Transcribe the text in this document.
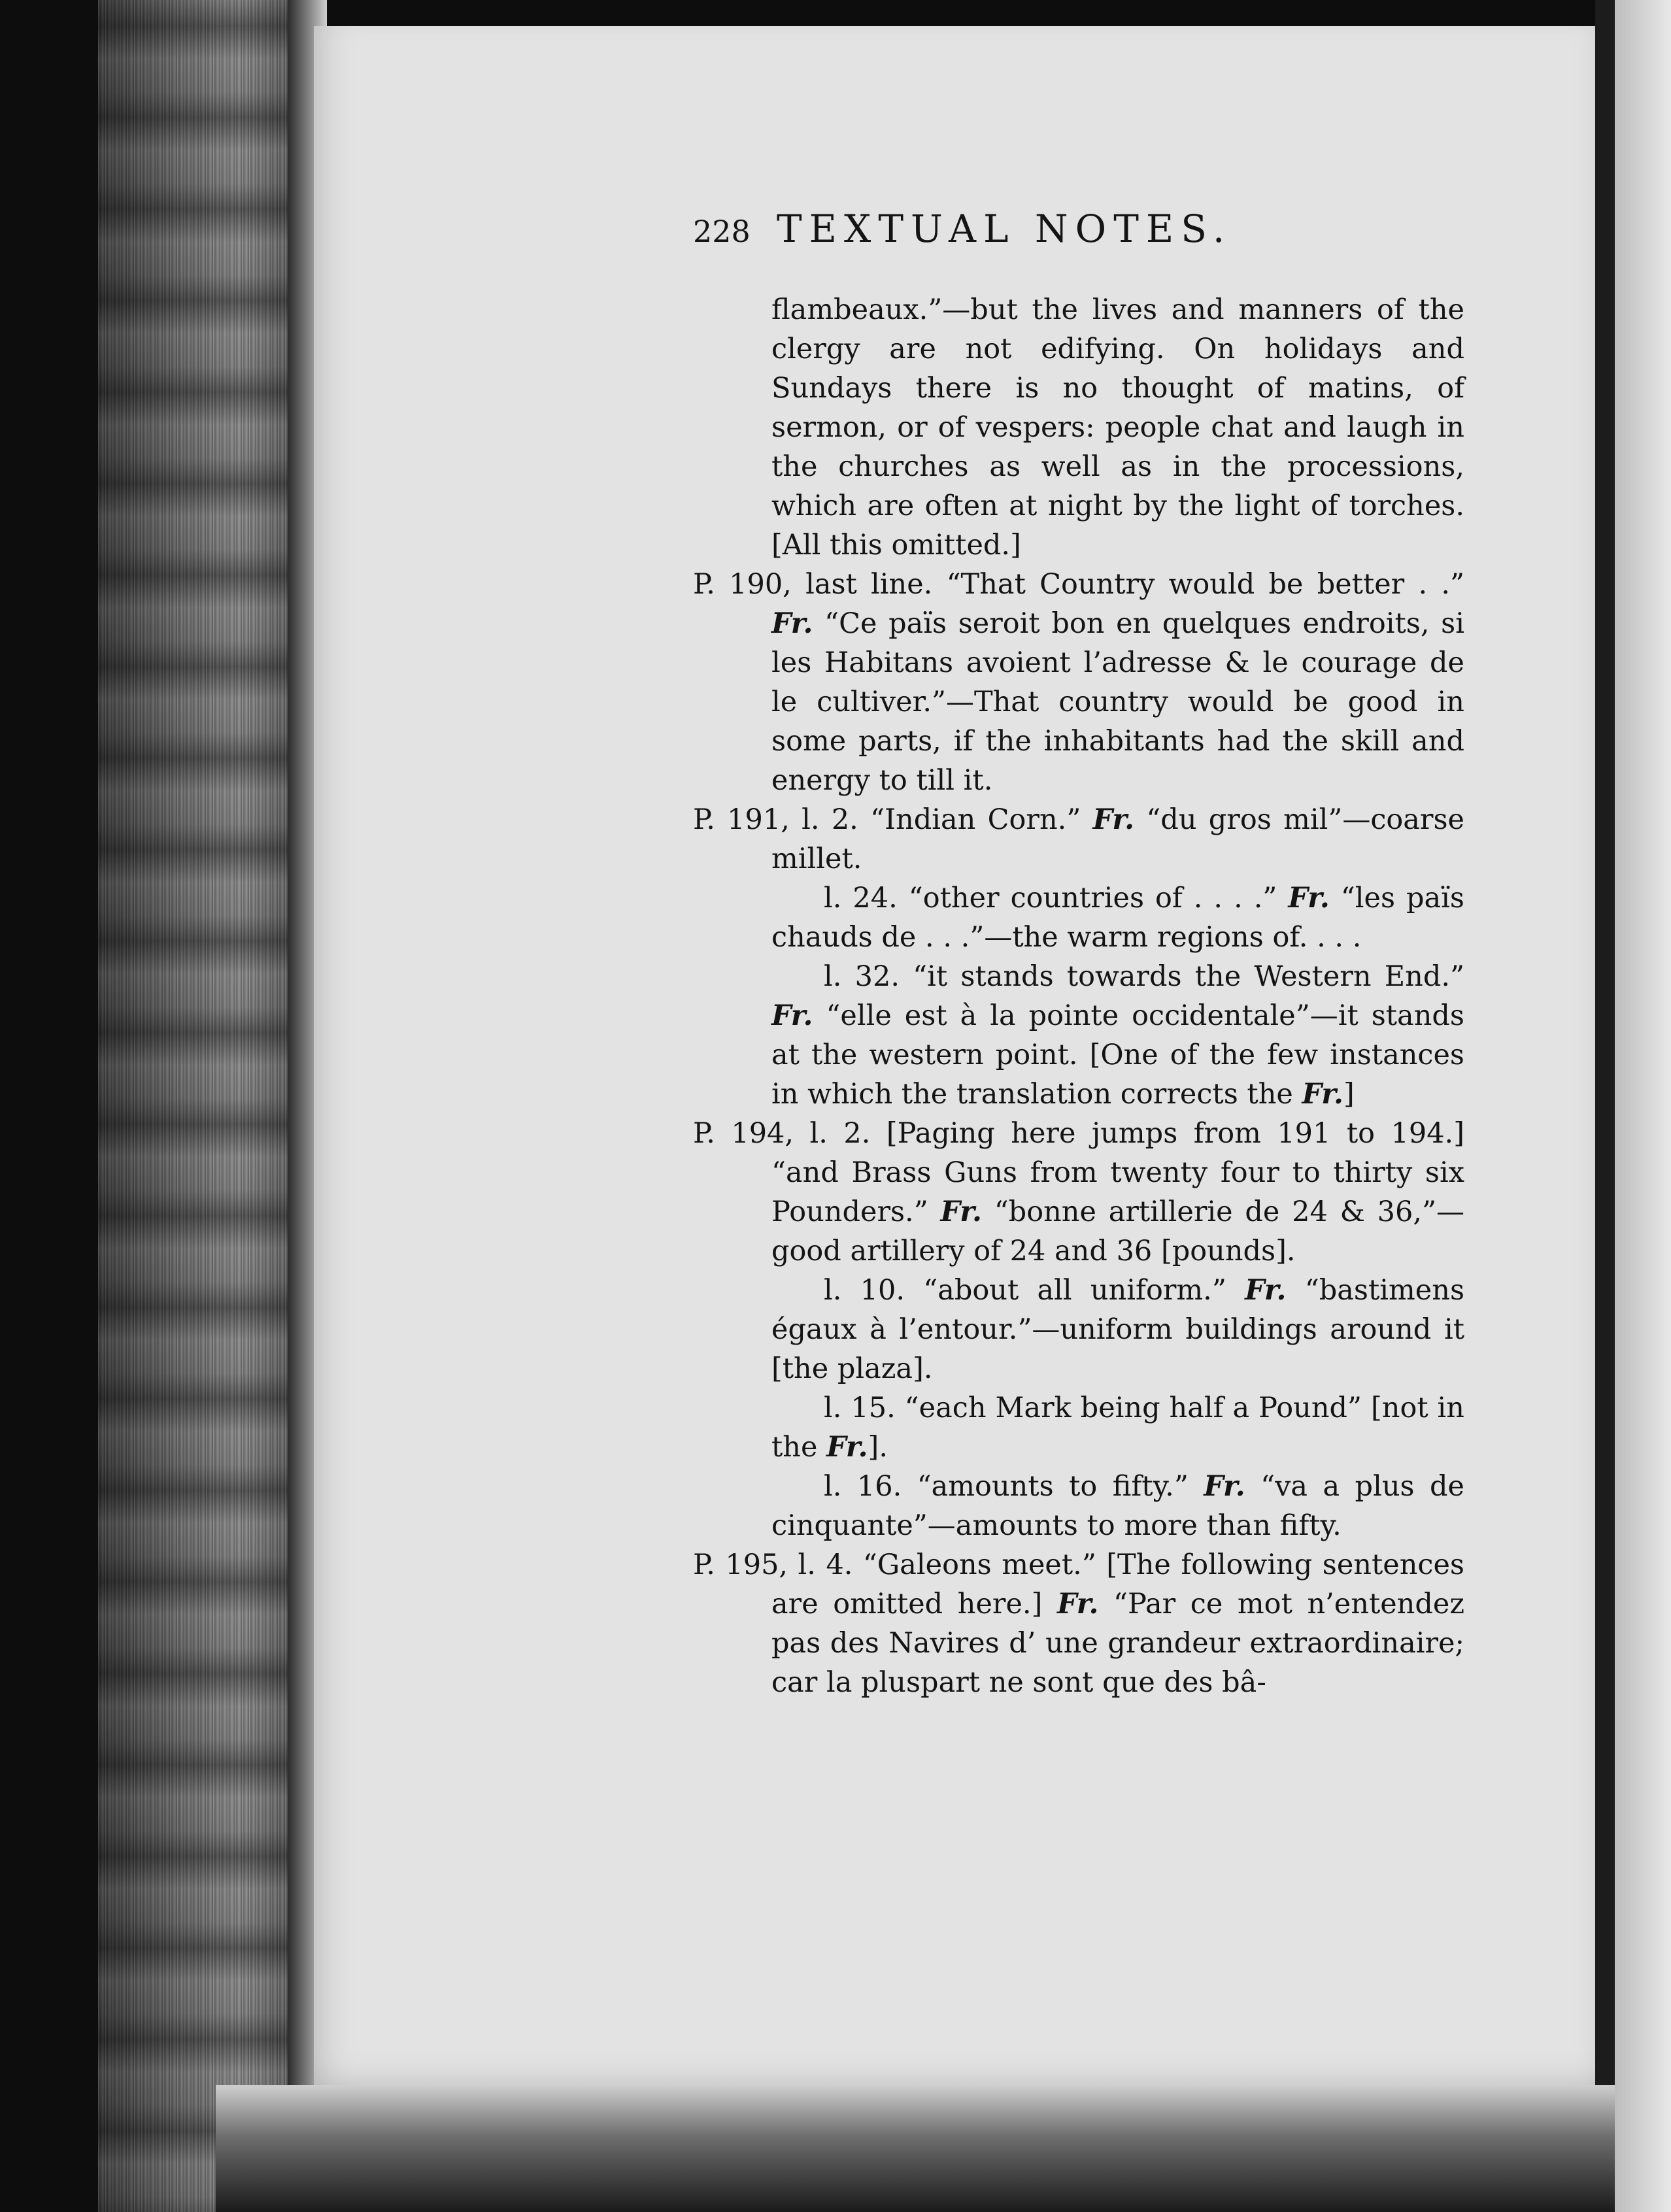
228 TEXTUAL NOTES.
flambeaux.”—but the lives and manners of the clergy are not edifying. On holidays and Sundays there is no thought of matins, of sermon, or of vespers: people chat and laugh in the churches as well as in the processions, which are often at night by the light of torches. [All this omitted.]
P. 190, last line. “That Country would be better . .” Fr. “Ce païs seroit bon en quelques endroits, si les Habitans avoient l’adresse & le courage de le cultiver.”—That country would be good in some parts, if the inhabitants had the skill and energy to till it.
P. 191, l. 2. “Indian Corn.” Fr. “du gros mil”—coarse millet.
l. 24. “other countries of . . . .” Fr. “les païs chauds de . . .”—the warm regions of. . . .
l. 32. “it stands towards the Western End.” Fr. “elle est à la pointe occidentale”—it stands at the western point. [One of the few instances in which the translation corrects the Fr.]
P. 194, l. 2. [Paging here jumps from 191 to 194.] “and Brass Guns from twenty four to thirty six Pounders.” Fr. “bonne artillerie de 24 & 36,”—good artillery of 24 and 36 [pounds].
l. 10. “about all uniform.” Fr. “bastimens égaux à l’entour.”—uniform buildings around it [the plaza].
l. 15. “each Mark being half a Pound” [not in the Fr.].
l. 16. “amounts to fifty.” Fr. “va a plus de cinquante”—amounts to more than fifty.
P. 195, l. 4. “Galeons meet.” [The following sentences are omitted here.] Fr. “Par ce mot n’entendez pas des Navires d’ une grandeur extraordinaire; car la pluspart ne sont que des bâ-
